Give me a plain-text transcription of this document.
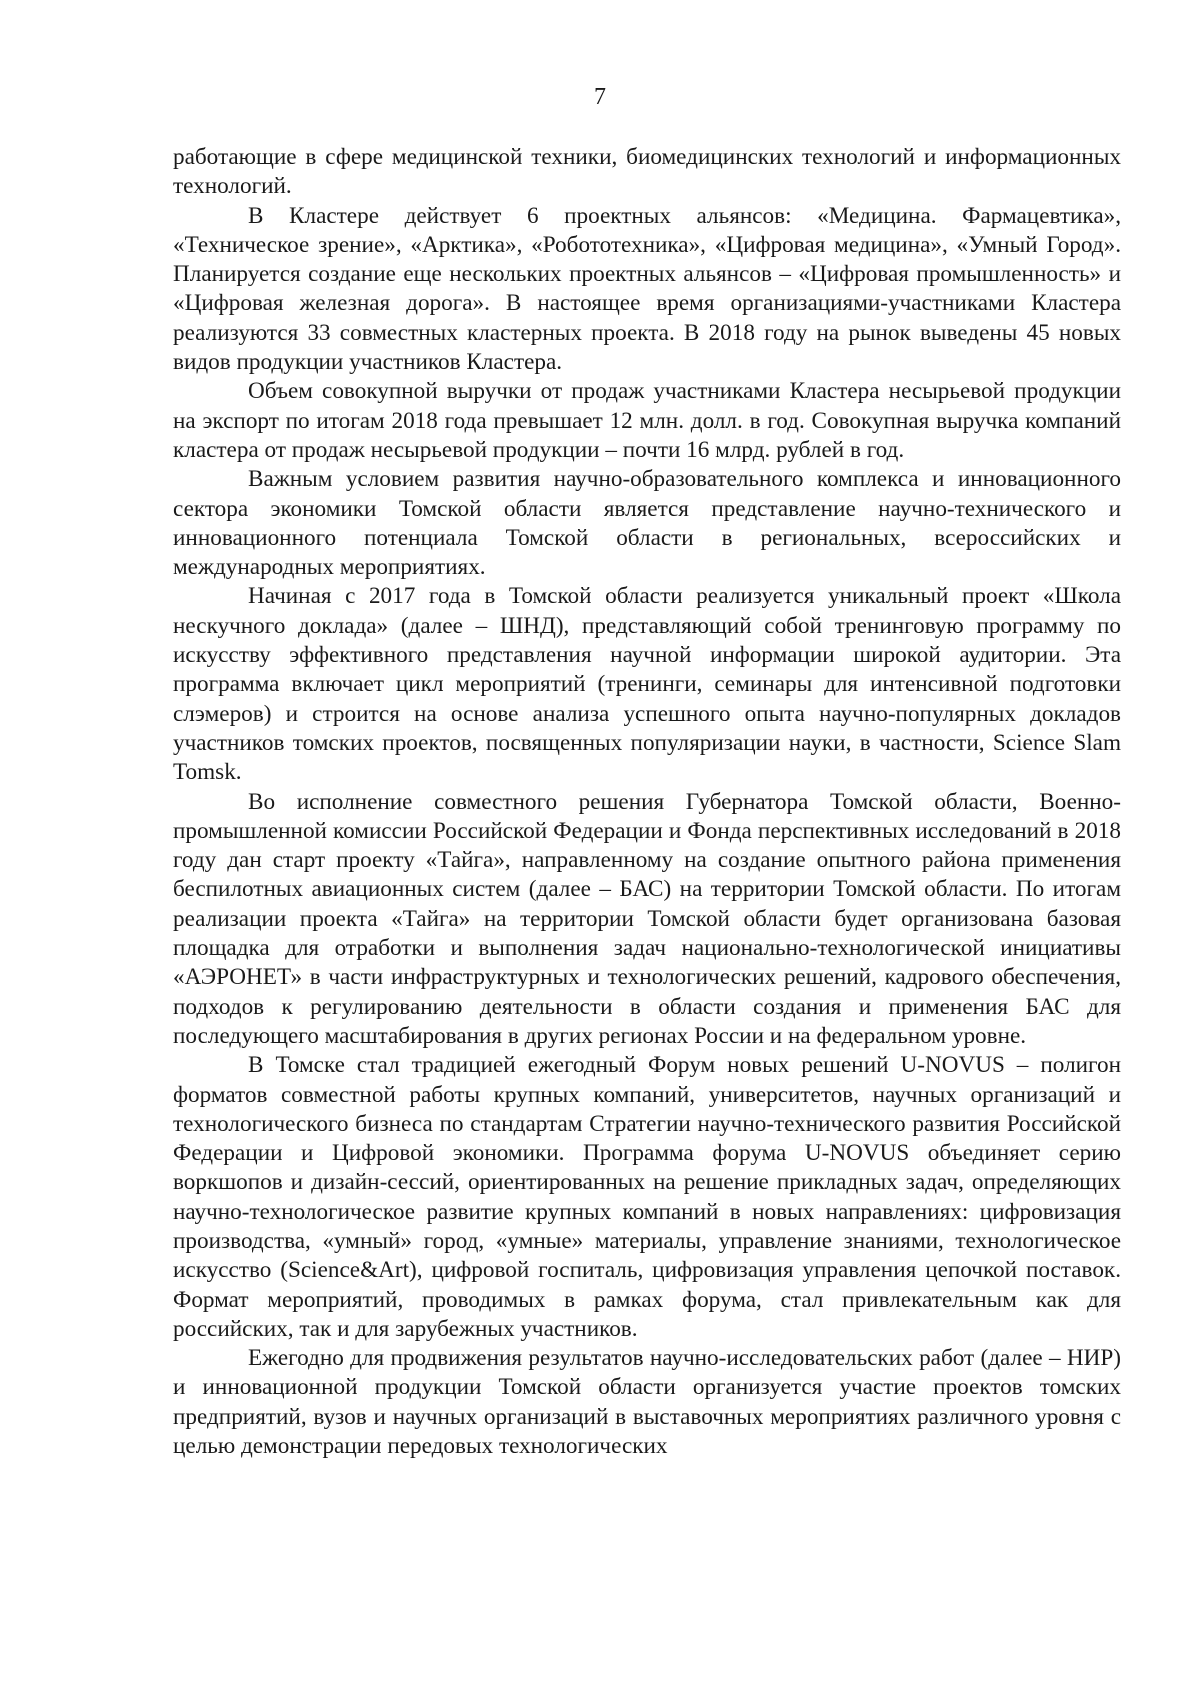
7

работающие в сфере медицинской техники, биомедицинских технологий и информационных технологий.

В Кластере действует 6 проектных альянсов: «Медицина. Фармацевтика», «Техническое зрение», «Арктика», «Робототехника», «Цифровая медицина», «Умный Город». Планируется создание еще нескольких проектных альянсов – «Цифровая промышленность» и «Цифровая железная дорога». В настоящее время организациями-участниками Кластера реализуются 33 совместных кластерных проекта. В 2018 году на рынок выведены 45 новых видов продукции участников Кластера.

Объем совокупной выручки от продаж участниками Кластера несырьевой продукции на экспорт по итогам 2018 года превышает 12 млн. долл. в год. Совокупная выручка компаний кластера от продаж несырьевой продукции – почти 16 млрд. рублей в год.

Важным условием развития научно-образовательного комплекса и инновационного сектора экономики Томской области является представление научно-технического и инновационного потенциала Томской области в региональных, всероссийских и международных мероприятиях.

Начиная с 2017 года в Томской области реализуется уникальный проект «Школа нескучного доклада» (далее – ШНД), представляющий собой тренинговую программу по искусству эффективного представления научной информации широкой аудитории. Эта программа включает цикл мероприятий (тренинги, семинары для интенсивной подготовки слэмеров) и строится на основе анализа успешного опыта научно-популярных докладов участников томских проектов, посвященных популяризации науки, в частности, Science Slam Tomsk.

Во исполнение совместного решения Губернатора Томской области, Военно-промышленной комиссии Российской Федерации и Фонда перспективных исследований в 2018 году дан старт проекту «Тайга», направленному на создание опытного района применения беспилотных авиационных систем (далее – БАС) на территории Томской области. По итогам реализации проекта «Тайга» на территории Томской области будет организована базовая площадка для отработки и выполнения задач национально-технологической инициативы «АЭРОНЕТ» в части инфраструктурных и технологических решений, кадрового обеспечения, подходов к регулированию деятельности в области создания и применения БАС для последующего масштабирования в других регионах России и на федеральном уровне.

В Томске стал традицией ежегодный Форум новых решений U-NOVUS – полигон форматов совместной работы крупных компаний, университетов, научных организаций и технологического бизнеса по стандартам Стратегии научно-технического развития Российской Федерации и Цифровой экономики. Программа форума U-NOVUS объединяет серию воркшопов и дизайн-сессий, ориентированных на решение прикладных задач, определяющих научно-технологическое развитие крупных компаний в новых направлениях: цифровизация производства, «умный» город, «умные» материалы, управление знаниями, технологическое искусство (Science&Art), цифровой госпиталь, цифровизация управления цепочкой поставок. Формат мероприятий, проводимых в рамках форума, стал привлекательным как для российских, так и для зарубежных участников.

Ежегодно для продвижения результатов научно-исследовательских работ (далее – НИР) и инновационной продукции Томской области организуется участие проектов томских предприятий, вузов и научных организаций в выставочных мероприятиях различного уровня с целью демонстрации передовых технологических
